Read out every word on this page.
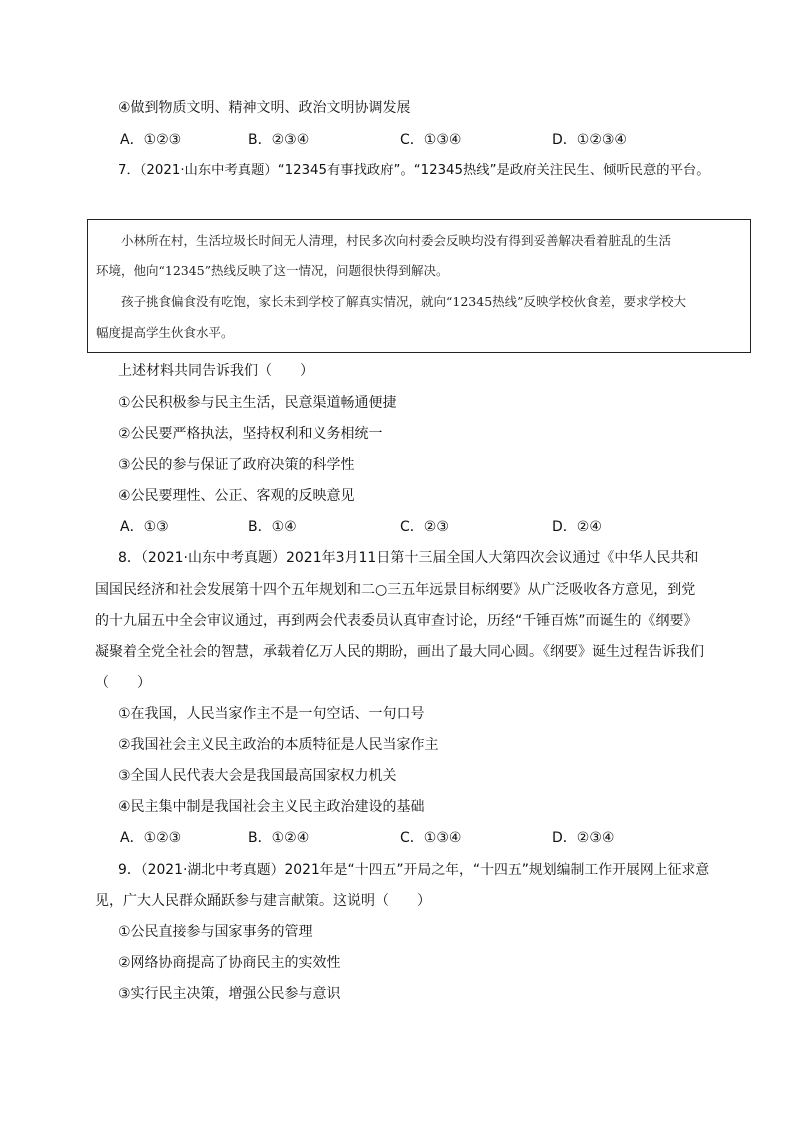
④做到物质文明、精神文明、政治文明协调发展
A．①②③	B．②③④	C．①③④	D．①②③④
7．（2021·山东中考真题）“12345有事找政府”。“12345热线”是政府关注民生、倾听民意的平台。
小林所在村，生活垃圾长时间无人清理，村民多次向村委会反映均没有得到妥善解决看着脏乱的生活
环境，他向“12345”热线反映了这一情况，问题很快得到解决。
孩子挑食偏食没有吃饱，家长未到学校了解真实情况，就向“12345热线”反映学校伙食差，要求学校大
幅度提高学生伙食水平。
上述材料共同告诉我们（　　）
①公民积极参与民主生活，民意渠道畅通便捷
②公民要严格执法，坚持权利和义务相统一
③公民的参与保证了政府决策的科学性
④公民要理性、公正、客观的反映意见
A．①③	B．①④	C．②③	D．②④
8．（2021·山东中考真题）2021年3月11日第十三届全国人大第四次会议通过《中华人民共和
国国民经济和社会发展第十四个五年规划和二○三五年远景目标纲要》从广泛吸收各方意见，到党
的十九届五中全会审议通过，再到两会代表委员认真审查讨论，历经“千锤百炼”而诞生的《纲要》
凝聚着全党全社会的智慧，承载着亿万人民的期盼，画出了最大同心圆。《纲要》诞生过程告诉我们
（　　）
①在我国，人民当家作主不是一句空话、一句口号
②我国社会主义民主政治的本质特征是人民当家作主
③全国人民代表大会是我国最高国家权力机关
④民主集中制是我国社会主义民主政治建设的基础
A．①②③	B．①②④	C．①③④	D．②③④
9．（2021·湖北中考真题）2021年是“十四五”开局之年，“十四五”规划编制工作开展网上征求意
见，广大人民群众踊跃参与建言献策。这说明（　　）
①公民直接参与国家事务的管理
②网络协商提高了协商民主的实效性
③实行民主决策，增强公民参与意识
